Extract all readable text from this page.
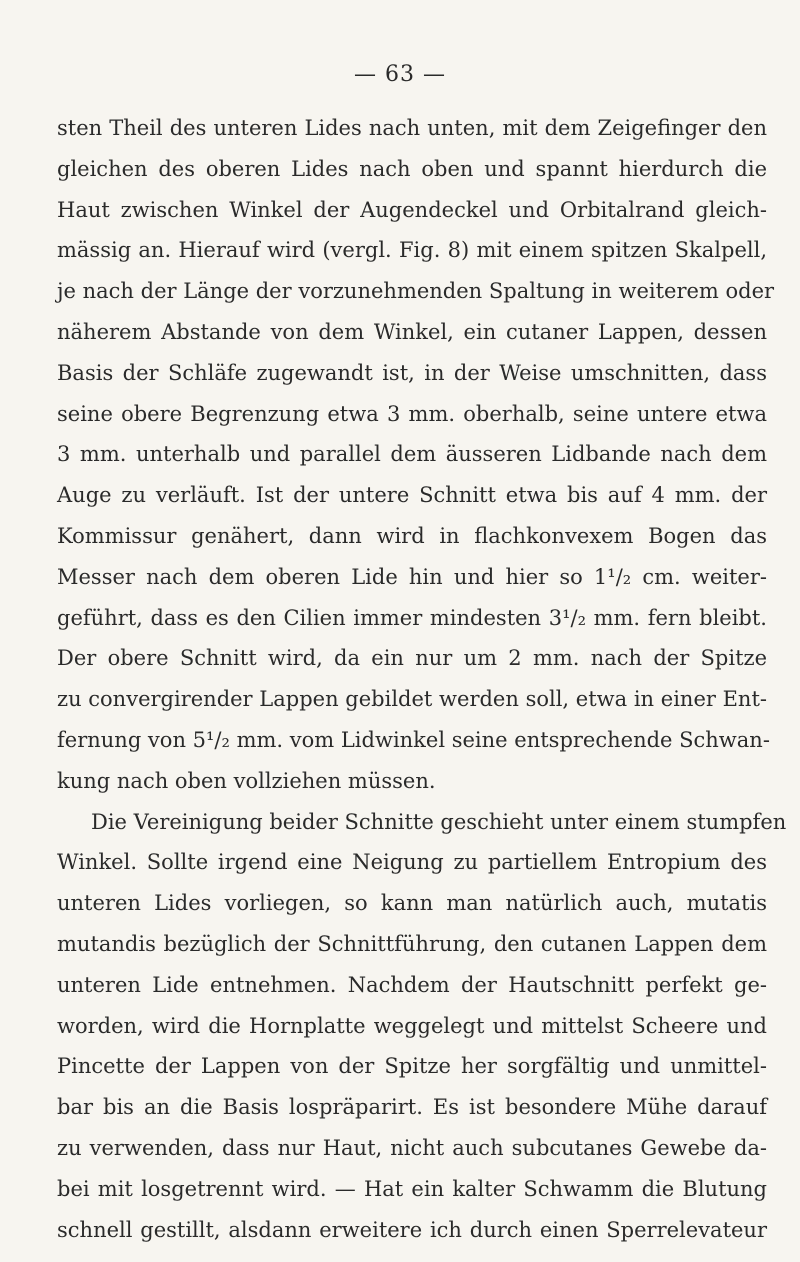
— 63 —
sten Theil des unteren Lides nach unten, mit dem Zeigefinger den
gleichen des oberen Lides nach oben und spannt hierdurch die
Haut zwischen Winkel der Augendeckel und Orbitalrand gleich-
mässig an. Hierauf wird (vergl. Fig. 8) mit einem spitzen Skalpell,
je nach der Länge der vorzunehmenden Spaltung in weiterem oder
näherem Abstande von dem Winkel, ein cutaner Lappen, dessen
Basis der Schläfe zugewandt ist, in der Weise umschnitten, dass
seine obere Begrenzung etwa 3 mm. oberhalb, seine untere etwa
3 mm. unterhalb und parallel dem äusseren Lidbande nach dem
Auge zu verläuft. Ist der untere Schnitt etwa bis auf 4 mm. der
Kommissur genähert, dann wird in flachkonvexem Bogen das
Messer nach dem oberen Lide hin und hier so 1¹/₂ cm. weiter-
geführt, dass es den Cilien immer mindesten 3¹/₂ mm. fern bleibt.
Der obere Schnitt wird, da ein nur um 2 mm. nach der Spitze
zu convergirender Lappen gebildet werden soll, etwa in einer Ent-
fernung von 5¹/₂ mm. vom Lidwinkel seine entsprechende Schwan-
kung nach oben vollziehen müssen.
Die Vereinigung beider Schnitte geschieht unter einem stumpfen
Winkel. Sollte irgend eine Neigung zu partiellem Entropium des
unteren Lides vorliegen, so kann man natürlich auch, mutatis
mutandis bezüglich der Schnittführung, den cutanen Lappen dem
unteren Lide entnehmen. Nachdem der Hautschnitt perfekt ge-
worden, wird die Hornplatte weggelegt und mittelst Scheere und
Pincette der Lappen von der Spitze her sorgfältig und unmittel-
bar bis an die Basis lospräparirt. Es ist besondere Mühe darauf
zu verwenden, dass nur Haut, nicht auch subcutanes Gewebe da-
bei mit losgetrennt wird. — Hat ein kalter Schwamm die Blutung
schnell gestillt, alsdann erweitere ich durch einen Sperrelevateur
